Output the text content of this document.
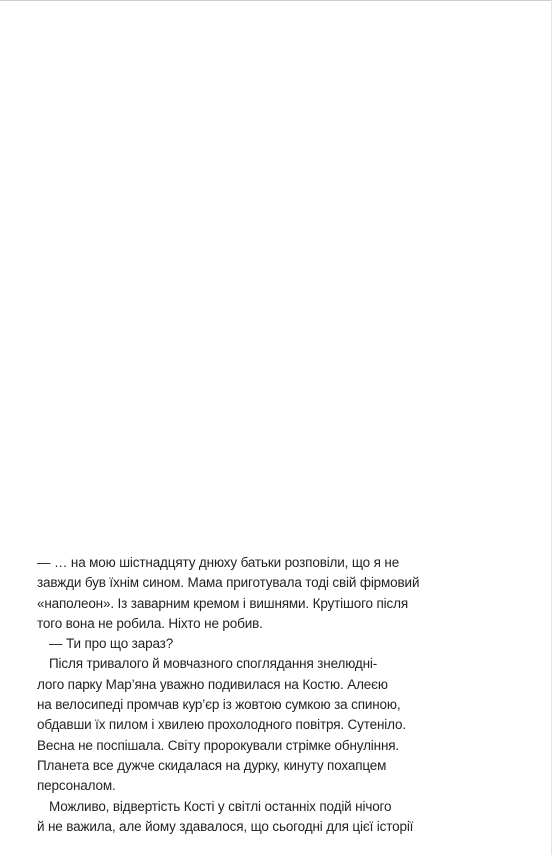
— … на мою шістнадцяту днюху батьки розповіли, що я не
завжди був їхнім сином. Мама приготувала тоді свій фірмовий
«наполеон». Із заварним кремом і вишнями. Крутішого після
того вона не робила. Ніхто не робив.
— Ти про що зараз?
Після тривалого й мовчазного споглядання знелюдні-
лого парку Мар’яна уважно подивилася на Костю. Алеєю
на велосипеді промчав кур’єр із жовтою сумкою за спиною,
обдавши їх пилом і хвилею прохолодного повітря. Сутеніло.
Весна не поспішала. Світу пророкували стрімке обнуління.
Планета все дужче скидалася на дурку, кинуту похапцем
персоналом.
Можливо, відвертість Кості у світлі останніх подій нічого
й не важила, але йому здавалося, що сьогодні для цієї історії
